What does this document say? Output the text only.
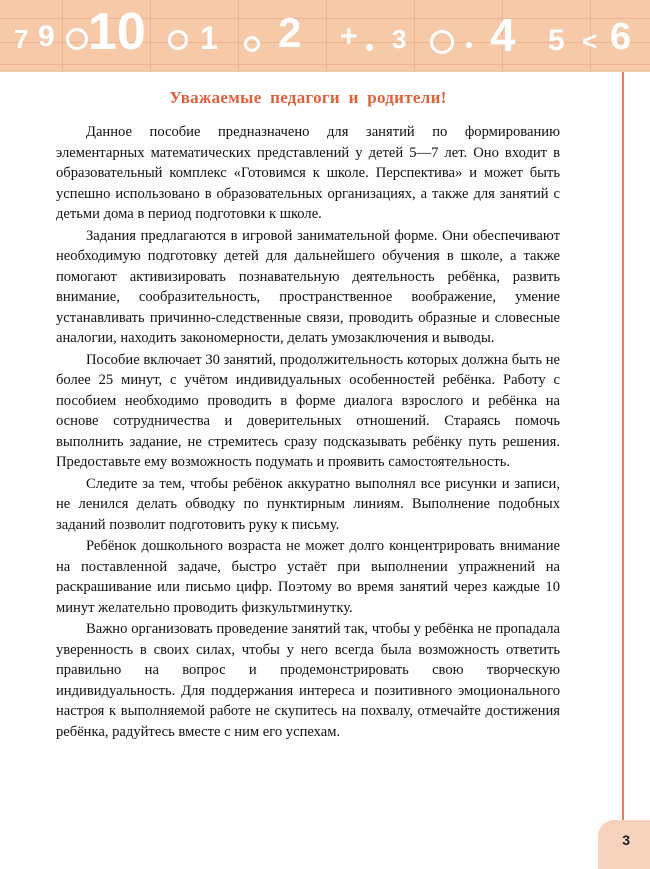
7 9 10 1 2 + 3 4 5 < 6
Уважаемые педагоги и родители!

Данное пособие предназначено для занятий по формированию элементарных математических представлений у детей 5—7 лет. Оно входит в образовательный комплекс «Готовимся к школе. Перспектива» и может быть успешно использовано в образовательных организациях, а также для занятий с детьми дома в период подготовки к школе.

Задания предлагаются в игровой занимательной форме. Они обеспечивают необходимую подготовку детей для дальнейшего обучения в школе, а также помогают активизировать познавательную деятельность ребёнка, развить внимание, сообразительность, пространственное воображение, умение устанавливать причинно-следственные связи, проводить образные и словесные аналогии, находить закономерности, делать умозаключения и выводы.

Пособие включает 30 занятий, продолжительность которых должна быть не более 25 минут, с учётом индивидуальных особенностей ребёнка. Работу с пособием необходимо проводить в форме диалога взрослого и ребёнка на основе сотрудничества и доверительных отношений. Стараясь помочь выполнить задание, не стремитесь сразу подсказывать ребёнку путь решения. Предоставьте ему возможность подумать и проявить самостоятельность.

Следите за тем, чтобы ребёнок аккуратно выполнял все рисунки и записи, не ленился делать обводку по пунктирным линиям. Выполнение подобных заданий позволит подготовить руку к письму.

Ребёнок дошкольного возраста не может долго концентрировать внимание на поставленной задаче, быстро устаёт при выполнении упражнений на раскрашивание или письмо цифр. Поэтому во время занятий через каждые 10 минут желательно проводить физкультминутку.

Важно организовать проведение занятий так, чтобы у ребёнка не пропадала уверенность в своих силах, чтобы у него всегда была возможность ответить правильно на вопрос и продемонстрировать свою творческую индивидуальность. Для поддержания интереса и позитивного эмоционального настроя к выполняемой работе не скупитесь на похвалу, отмечайте достижения ребёнка, радуйтесь вместе с ним его успехам.

3
